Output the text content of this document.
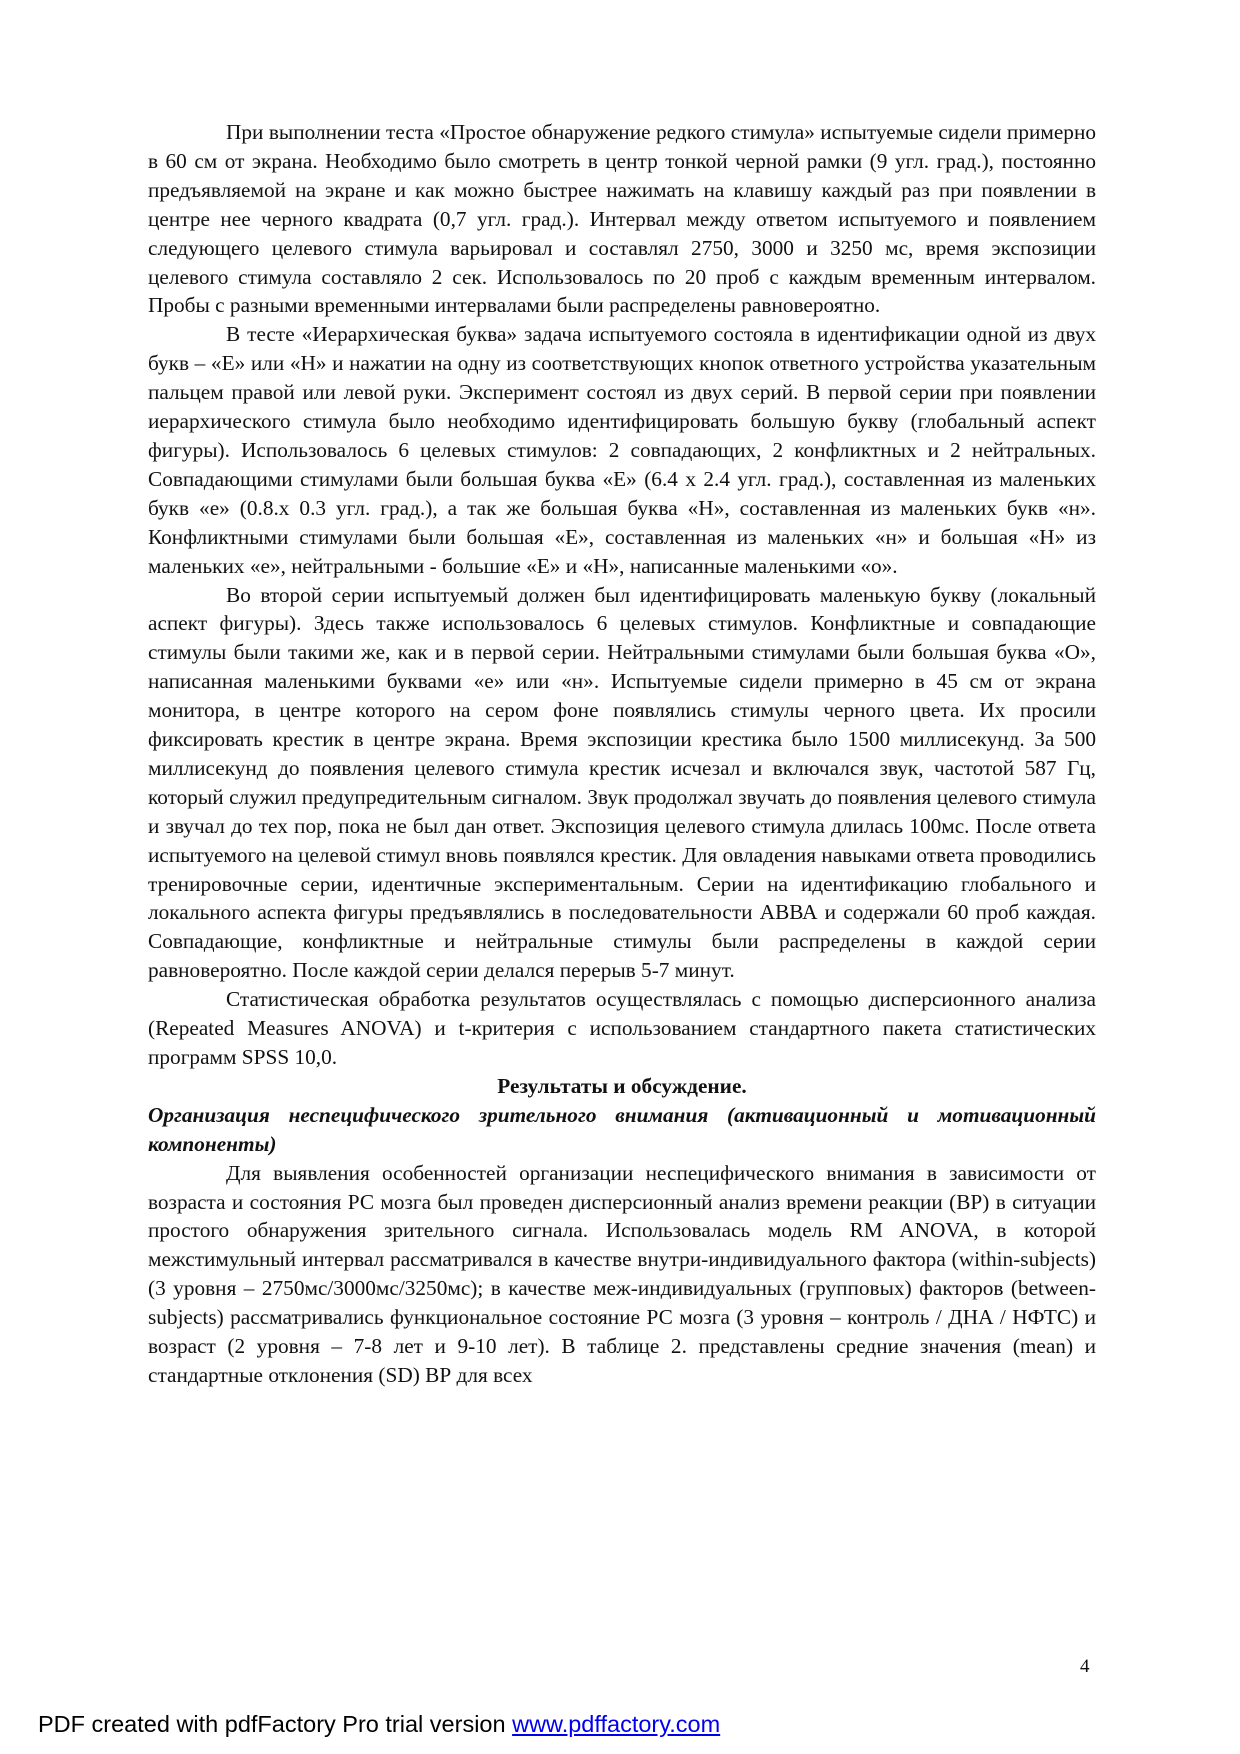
При выполнении теста «Простое обнаружение редкого стимула» испытуемые сидели примерно в 60 см от экрана. Необходимо было смотреть в центр тонкой черной рамки (9 угл. град.), постоянно предъявляемой на экране и как можно быстрее нажимать на клавишу каждый раз при появлении в центре нее черного квадрата (0,7 угл. град.). Интервал между ответом испытуемого и появлением следующего целевого стимула варьировал и составлял 2750, 3000 и 3250 мс, время экспозиции целевого стимула составляло 2 сек. Использовалось по 20 проб с каждым временным интервалом. Пробы с разными временными интервалами были распределены равновероятно.

В тесте «Иерархическая буква» задача испытуемого состояла в идентификации одной из двух букв – «Е» или «Н» и нажатии на одну из соответствующих кнопок ответного устройства указательным пальцем правой или левой руки. Эксперимент состоял из двух серий. В первой серии при появлении иерархического стимула было необходимо идентифицировать большую букву (глобальный аспект фигуры). Использовалось 6 целевых стимулов: 2 совпадающих, 2 конфликтных и 2 нейтральных. Совпадающими стимулами были большая буква «Е» (6.4 х 2.4 угл. град.), составленная из маленьких букв «е» (0.8.х 0.3 угл. град.), а так же большая буква «Н», составленная из маленьких букв «н». Конфликтными стимулами были большая «Е», составленная из маленьких «н» и большая «Н» из маленьких «е», нейтральными - большие «Е» и «Н», написанные маленькими «о».

Во второй серии испытуемый должен был идентифицировать маленькую букву (локальный аспект фигуры). Здесь также использовалось 6 целевых стимулов. Конфликтные и совпадающие стимулы были такими же, как и в первой серии. Нейтральными стимулами были большая буква «О», написанная маленькими буквами «е» или «н». Испытуемые сидели примерно в 45 см от экрана монитора, в центре которого на сером фоне появлялись стимулы черного цвета. Их просили фиксировать крестик в центре экрана. Время экспозиции крестика было 1500 миллисекунд. За 500 миллисекунд до появления целевого стимула крестик исчезал и включался звук, частотой 587 Гц, который служил предупредительным сигналом. Звук продолжал звучать до появления целевого стимула и звучал до тех пор, пока не был дан ответ. Экспозиция целевого стимула длилась 100мс. После ответа испытуемого на целевой стимул вновь появлялся крестик. Для овладения навыками ответа проводились тренировочные серии, идентичные экспериментальным. Серии на идентификацию глобального и локального аспекта фигуры предъявлялись в последовательности АВВА и содержали 60 проб каждая. Совпадающие, конфликтные и нейтральные стимулы были распределены в каждой серии равновероятно. После каждой серии делался перерыв 5-7 минут.

Статистическая обработка результатов осуществлялась с помощью дисперсионного анализа (Repeated Measures ANOVA) и t-критерия с использованием стандартного пакета статистических программ SPSS 10,0.

Результаты и обсуждение.

Организация неспецифического зрительного внимания (активационный и мотивационный компоненты)

Для выявления особенностей организации неспецифического внимания в зависимости от возраста и состояния РС мозга был проведен дисперсионный анализ времени реакции (ВР) в ситуации простого обнаружения зрительного сигнала. Использовалась модель RM ANOVA, в которой межстимульный интервал рассматривался в качестве внутри-индивидуального фактора (within-subjects) (3 уровня – 2750мс/3000мс/3250мс); в качестве меж-индивидуальных (групповых) факторов (between-subjects) рассматривались функциональное состояние РС мозга (3 уровня – контроль / ДНА / НФТС) и возраст (2 уровня – 7-8 лет и 9-10 лет). В таблице 2. представлены средние значения (mean) и стандартные отклонения (SD) ВР для всех

4
PDF created with pdfFactory Pro trial version www.pdffactory.com
